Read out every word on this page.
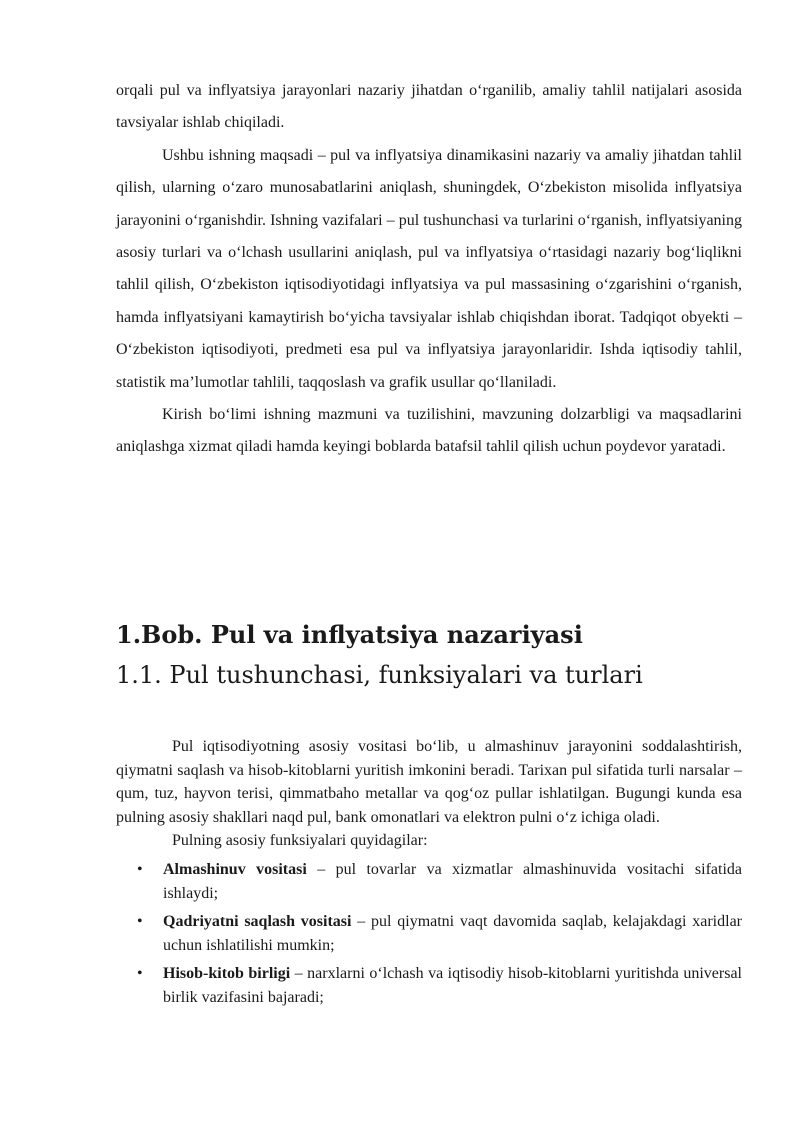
orqali pul va inflyatsiya jarayonlari nazariy jihatdan oʻrganilib, amaliy tahlil natijalari asosida tavsiyalar ishlab chiqiladi.

Ushbu ishning maqsadi – pul va inflyatsiya dinamikasini nazariy va amaliy jihatdan tahlil qilish, ularning oʻzaro munosabatlarini aniqlash, shuningdek, Oʻzbekiston misolida inflyatsiya jarayonini oʻrganishdir. Ishning vazifalari – pul tushunchasi va turlarini oʻrganish, inflyatsiyaning asosiy turlari va oʻlchash usullarini aniqlash, pul va inflyatsiya oʻrtasidagi nazariy bogʻliqlikni tahlil qilish, Oʻzbekiston iqtisodiyotidagi inflyatsiya va pul massasining oʻzgarishini oʻrganish, hamda inflyatsiyani kamaytirish boʻyicha tavsiyalar ishlab chiqishdan iborat. Tadqiqot obyekti – Oʻzbekiston iqtisodiyoti, predmeti esa pul va inflyatsiya jarayonlaridir. Ishda iqtisodiy tahlil, statistik maʼlumotlar tahlili, taqqoslash va grafik usullar qoʻllaniladi.

Kirish boʻlimi ishning mazmuni va tuzilishini, mavzuning dolzarbligi va maqsadlarini aniqlashga xizmat qiladi hamda keyingi boblarda batafsil tahlil qilish uchun poydevor yaratadi.

1.Bob. Pul va inflyatsiya nazariyasi
1.1. Pul tushunchasi, funksiyalari va turlari

Pul iqtisodiyotning asosiy vositasi boʻlib, u almashinuv jarayonini soddalashtirish, qiymatni saqlash va hisob-kitoblarni yuritish imkonini beradi. Tarixan pul sifatida turli narsalar – qum, tuz, hayvon terisi, qimmatbaho metallar va qogʻoz pullar ishlatilgan. Bugungi kunda esa pulning asosiy shakllari naqd pul, bank omonatlari va elektron pulni oʻz ichiga oladi.

Pulning asosiy funksiyalari quyidagilar:

• Almashinuv vositasi – pul tovarlar va xizmatlar almashinuvida vositachi sifatida ishlaydi;
• Qadriyatni saqlash vositasi – pul qiymatni vaqt davomida saqlab, kelajakdagi xaridlar uchun ishlatilishi mumkin;
• Hisob-kitob birligi – narxlarni oʻlchash va iqtisodiy hisob-kitoblarni yuritishda universal birlik vazifasini bajaradi;
